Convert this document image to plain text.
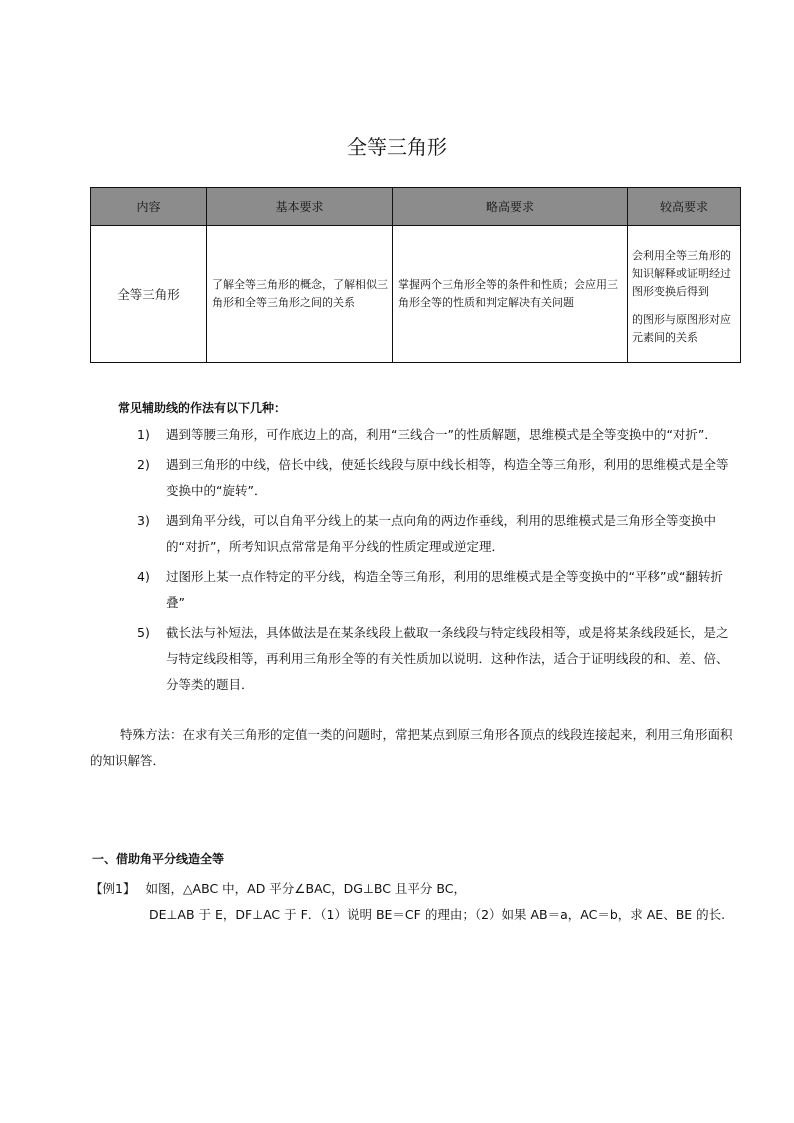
全等三角形
内容	基本要求	略高要求	较高要求
全等三角形	了解全等三角形的概念，了解相似三角形和全等三角形之间的关系	掌握两个三角形全等的条件和性质；会应用三角形全等的性质和判定解决有关问题	会利用全等三角形的知识解释或证明经过图形变换后得到

的图形与原图形对应元素间的关系

常见辅助线的作法有以下几种：
1) 遇到等腰三角形，可作底边上的高，利用“三线合一”的性质解题，思维模式是全等变换中的“对折”．
2) 遇到三角形的中线，倍长中线，使延长线段与原中线长相等，构造全等三角形，利用的思维模式是全等变换中的“旋转”．
3) 遇到角平分线，可以自角平分线上的某一点向角的两边作垂线，利用的思维模式是三角形全等变换中的“对折”，所考知识点常常是角平分线的性质定理或逆定理．
4) 过图形上某一点作特定的平分线，构造全等三角形，利用的思维模式是全等变换中的“平移”或“翻转折叠”
5) 截长法与补短法，具体做法是在某条线段上截取一条线段与特定线段相等，或是将某条线段延长，是之与特定线段相等，再利用三角形全等的有关性质加以说明．这种作法，适合于证明线段的和、差、倍、分等类的题目．
特殊方法：在求有关三角形的定值一类的问题时，常把某点到原三角形各顶点的线段连接起来，利用三角形面积的知识解答．
一、借助角平分线造全等
【例1】 如图，△ABC 中，AD 平分∠BAC，DG⊥BC 且平分 BC，
DE⊥AB 于 E，DF⊥AC 于 F．（1）说明 BE＝CF 的理由；（2）如果 AB＝a，AC＝b，求 AE、BE 的长.
